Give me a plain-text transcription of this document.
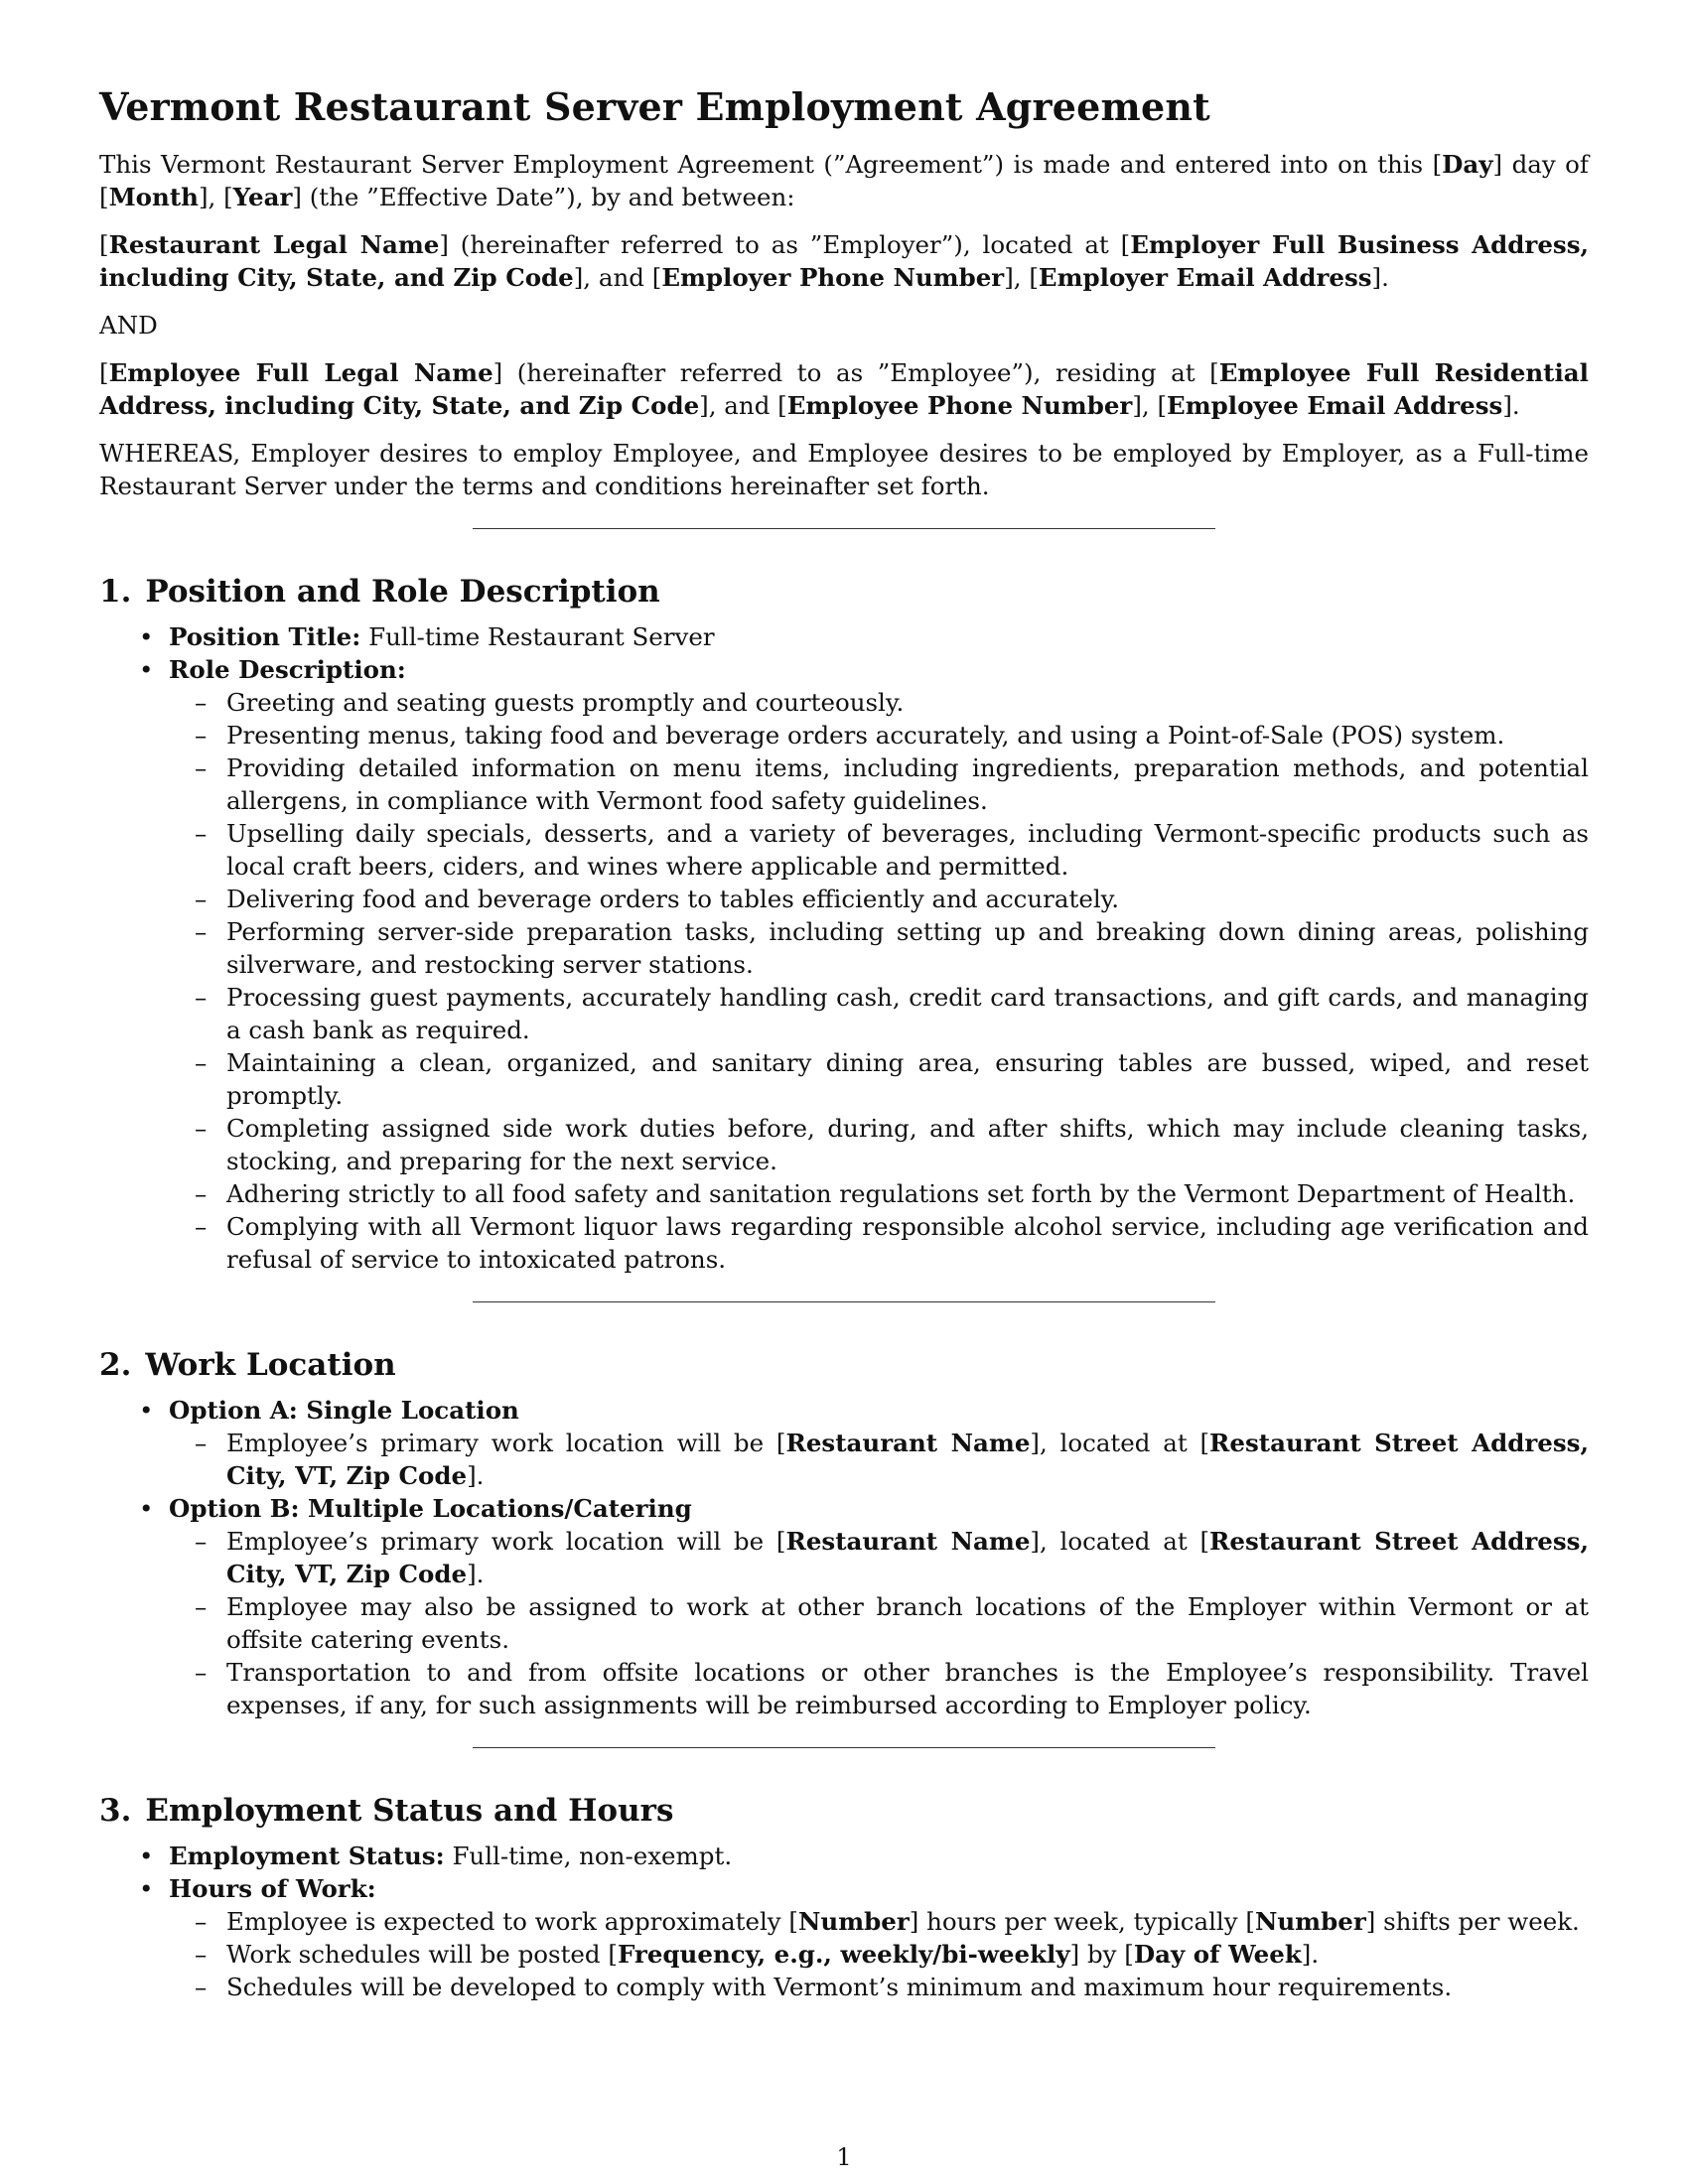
Vermont Restaurant Server Employment Agreement

This Vermont Restaurant Server Employment Agreement (”Agreement”) is made and entered into on this [Day] day of [Month], [Year] (the ”Effective Date”), by and between:

[Restaurant Legal Name] (hereinafter referred to as ”Employer”), located at [Employer Full Business Address, including City, State, and Zip Code], and [Employer Phone Number], [Employer Email Address].

AND

[Employee Full Legal Name] (hereinafter referred to as ”Employee”), residing at [Employee Full Residential Address, including City, State, and Zip Code], and [Employee Phone Number], [Employee Email Address].

WHEREAS, Employer desires to employ Employee, and Employee desires to be employed by Employer, as a Full-time Restaurant Server under the terms and conditions hereinafter set forth.

1. Position and Role Description
• Position Title: Full-time Restaurant Server
• Role Description:
– Greeting and seating guests promptly and courteously.
– Presenting menus, taking food and beverage orders accurately, and using a Point-of-Sale (POS) system.
– Providing detailed information on menu items, including ingredients, preparation methods, and potential allergens, in compliance with Vermont food safety guidelines.
– Upselling daily specials, desserts, and a variety of beverages, including Vermont-specific products such as local craft beers, ciders, and wines where applicable and permitted.
– Delivering food and beverage orders to tables efficiently and accurately.
– Performing server-side preparation tasks, including setting up and breaking down dining areas, polishing silverware, and restocking server stations.
– Processing guest payments, accurately handling cash, credit card transactions, and gift cards, and managing a cash bank as required.
– Maintaining a clean, organized, and sanitary dining area, ensuring tables are bussed, wiped, and reset promptly.
– Completing assigned side work duties before, during, and after shifts, which may include cleaning tasks, stocking, and preparing for the next service.
– Adhering strictly to all food safety and sanitation regulations set forth by the Vermont Department of Health.
– Complying with all Vermont liquor laws regarding responsible alcohol service, including age verification and refusal of service to intoxicated patrons.
2. Work Location
• Option A: Single Location
– Employee’s primary work location will be [Restaurant Name], located at [Restaurant Street Address, City, VT, Zip Code].
• Option B: Multiple Locations/Catering
– Employee’s primary work location will be [Restaurant Name], located at [Restaurant Street Address, City, VT, Zip Code].
– Employee may also be assigned to work at other branch locations of the Employer within Vermont or at offsite catering events.
– Transportation to and from offsite locations or other branches is the Employee’s responsibility. Travel expenses, if any, for such assignments will be reimbursed according to Employer policy.
3. Employment Status and Hours
• Employment Status: Full-time, non-exempt.
• Hours of Work:
– Employee is expected to work approximately [Number] hours per week, typically [Number] shifts per week.
– Work schedules will be posted [Frequency, e.g., weekly/bi-weekly] by [Day of Week].
– Schedules will be developed to comply with Vermont’s minimum and maximum hour requirements.
1
